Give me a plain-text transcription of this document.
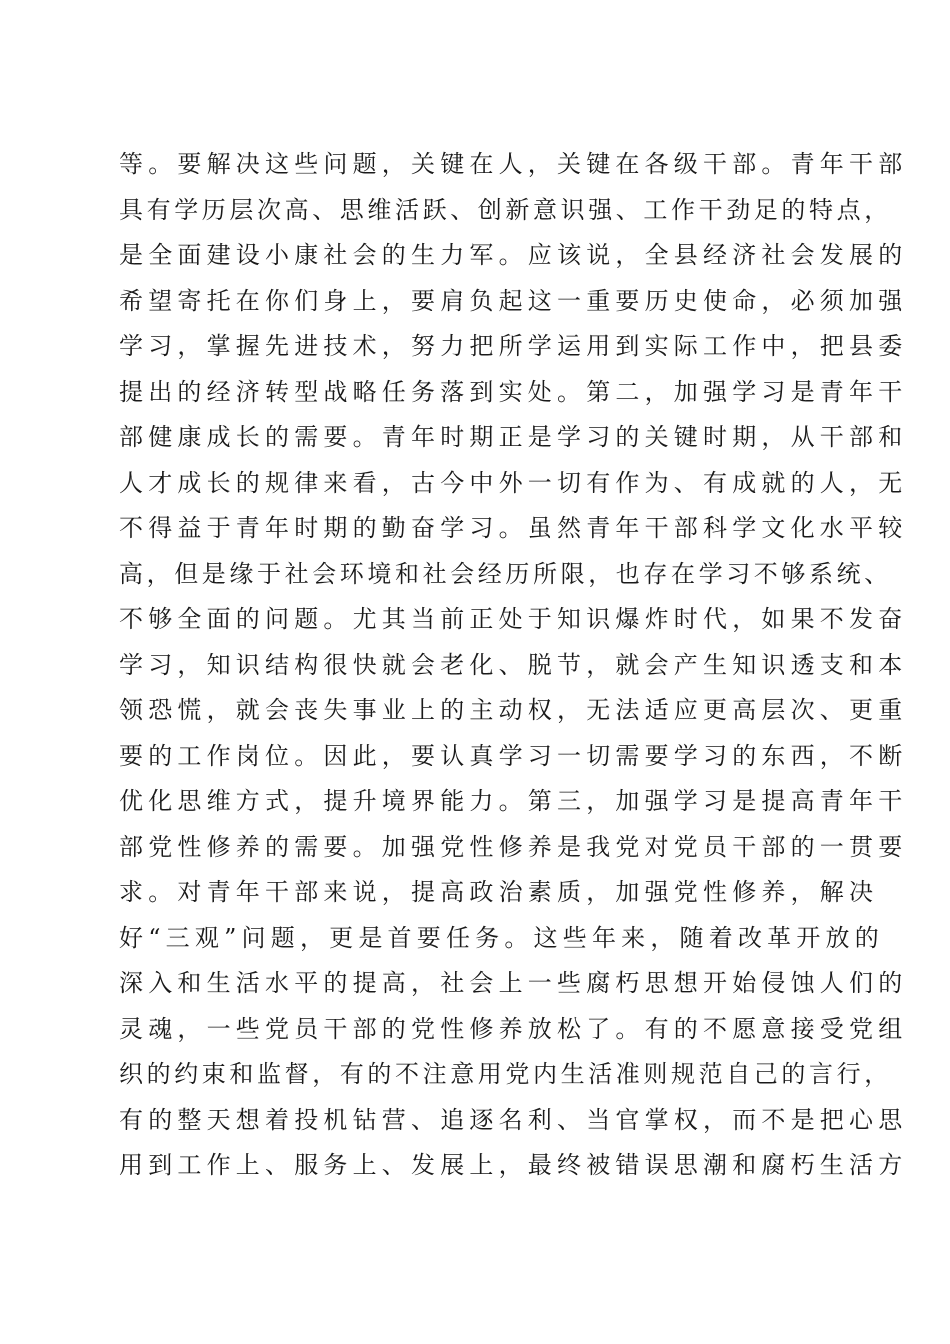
等。要解决这些问题，关键在人，关键在各级干部。青年干部
具有学历层次高、思维活跃、创新意识强、工作干劲足的特点，
是全面建设小康社会的生力军。应该说，全县经济社会发展的
希望寄托在你们身上，要肩负起这一重要历史使命，必须加强
学习，掌握先进技术，努力把所学运用到实际工作中，把县委
提出的经济转型战略任务落到实处。第二，加强学习是青年干
部健康成长的需要。青年时期正是学习的关键时期，从干部和
人才成长的规律来看，古今中外一切有作为、有成就的人，无
不得益于青年时期的勤奋学习。虽然青年干部科学文化水平较
高，但是缘于社会环境和社会经历所限，也存在学习不够系统、
不够全面的问题。尤其当前正处于知识爆炸时代，如果不发奋
学习，知识结构很快就会老化、脱节，就会产生知识透支和本
领恐慌，就会丧失事业上的主动权，无法适应更高层次、更重
要的工作岗位。因此，要认真学习一切需要学习的东西，不断
优化思维方式，提升境界能力。第三，加强学习是提高青年干
部党性修养的需要。加强党性修养是我党对党员干部的一贯要
求。对青年干部来说，提高政治素质，加强党性修养，解决
好“三观”问题，更是首要任务。这些年来，随着改革开放的
深入和生活水平的提高，社会上一些腐朽思想开始侵蚀人们的
灵魂，一些党员干部的党性修养放松了。有的不愿意接受党组
织的约束和监督，有的不注意用党内生活准则规范自己的言行，
有的整天想着投机钻营、追逐名利、当官掌权，而不是把心思
用到工作上、服务上、发展上，最终被错误思潮和腐朽生活方
